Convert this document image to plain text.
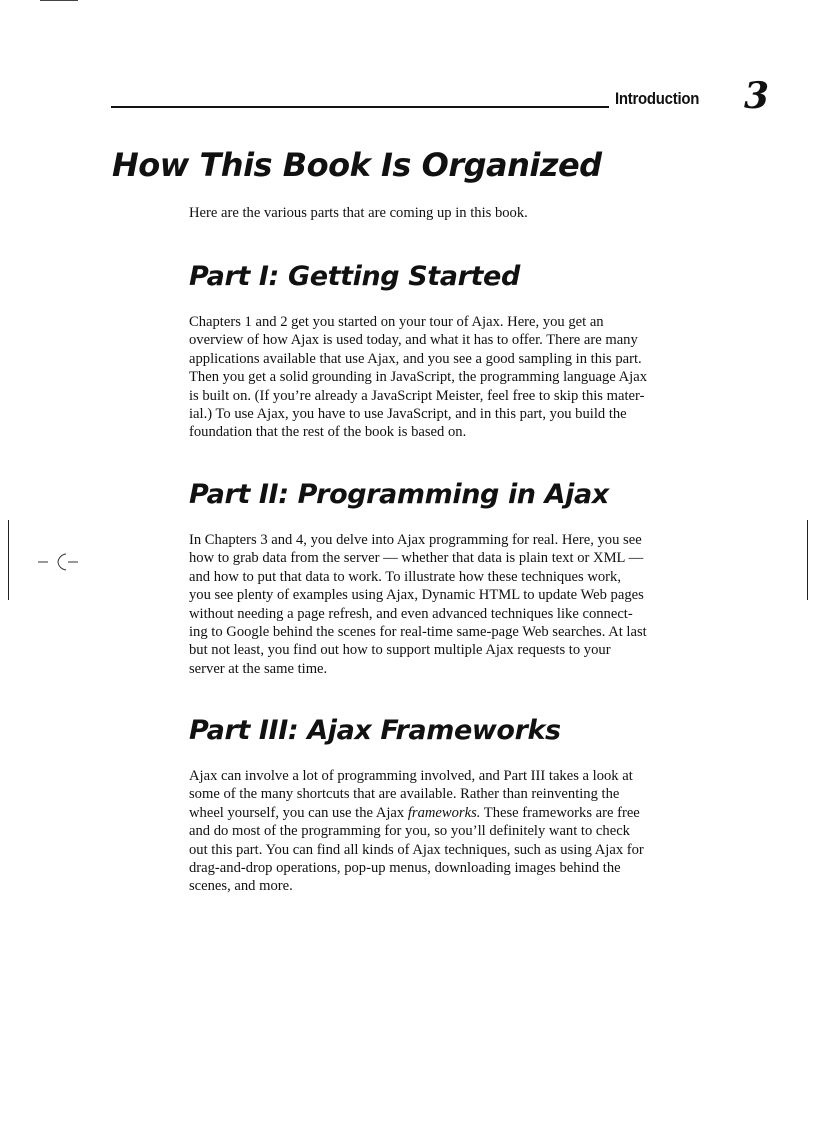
Introduction 3
How This Book Is Organized

Here are the various parts that are coming up in this book.

Part I: Getting Started

Chapters 1 and 2 get you started on your tour of Ajax. Here, you get an
overview of how Ajax is used today, and what it has to offer. There are many
applications available that use Ajax, and you see a good sampling in this part.
Then you get a solid grounding in JavaScript, the programming language Ajax
is built on. (If you’re already a JavaScript Meister, feel free to skip this mater-
ial.) To use Ajax, you have to use JavaScript, and in this part, you build the
foundation that the rest of the book is based on.

Part II: Programming in Ajax

In Chapters 3 and 4, you delve into Ajax programming for real. Here, you see
how to grab data from the server — whether that data is plain text or XML —
and how to put that data to work. To illustrate how these techniques work,
you see plenty of examples using Ajax, Dynamic HTML to update Web pages
without needing a page refresh, and even advanced techniques like connect-
ing to Google behind the scenes for real-time same-page Web searches. At last
but not least, you find out how to support multiple Ajax requests to your
server at the same time.

Part III: Ajax Frameworks

Ajax can involve a lot of programming involved, and Part III takes a look at
some of the many shortcuts that are available. Rather than reinventing the
wheel yourself, you can use the Ajax frameworks. These frameworks are free
and do most of the programming for you, so you’ll definitely want to check
out this part. You can find all kinds of Ajax techniques, such as using Ajax for
drag-and-drop operations, pop-up menus, downloading images behind the
scenes, and more.
